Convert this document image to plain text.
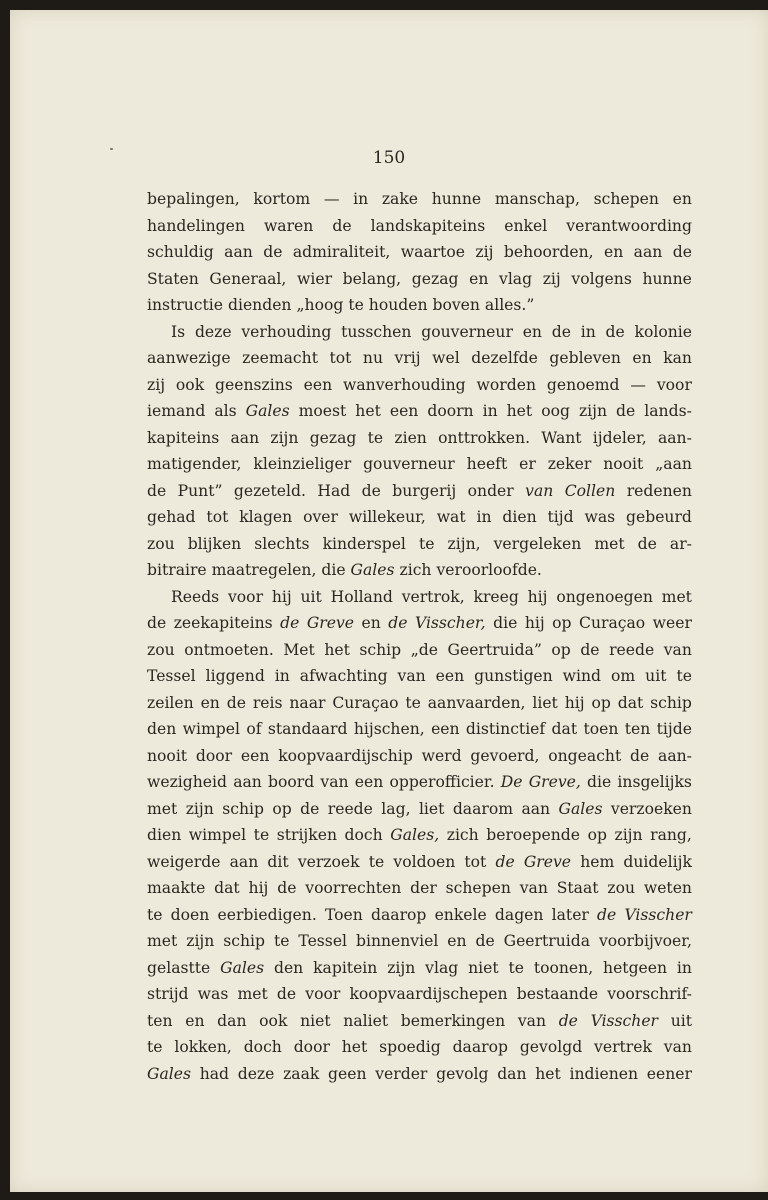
150
bepalingen, kortom — in zake hunne manschap, schepen en
handelingen waren de landskapiteins enkel verantwoording
schuldig aan de admiraliteit, waartoe zij behoorden, en aan de
Staten Generaal, wier belang, gezag en vlag zij volgens hunne
instructie
dienden
„hoog
te
houden
boven
alles.”
Is deze verhouding tusschen gouverneur en de in de kolonie
aanwezige zeemacht tot nu vrij wel dezelfde gebleven en kan
zij ook geenszins een wanverhouding worden genoemd — voor
iemand als Gales moest het een doorn in het oog zijn de lands-
kapiteins aan zijn gezag te zien onttrokken. Want ijdeler, aan-
matigender, kleinzieliger gouverneur heeft er zeker nooit „aan
de Punt” gezeteld. Had de burgerij onder van Collen redenen
gehad tot klagen over willekeur, wat in dien tijd was gebeurd
zou blijken slechts kinderspel te zijn, vergeleken met de ar-
bitraire
maatregelen,
die
Gales
zich
veroorloofde.
Reeds voor hij uit Holland vertrok, kreeg hij ongenoegen met
de zeekapiteins de Greve en de Visscher, die hij op Curaçao weer
zou ontmoeten. Met het schip „de Geertruida” op de reede van
Tessel liggend in afwachting van een gunstigen wind om uit te
zeilen en de reis naar Curaçao te aanvaarden, liet hij op dat schip
den wimpel of standaard hijschen, een distinctief dat toen ten tijde
nooit door een koopvaardijschip werd gevoerd, ongeacht de aan-
wezigheid aan boord van een opperofficier. De Greve, die insgelijks
met zijn schip op de reede lag, liet daarom aan Gales verzoeken
dien wimpel te strijken doch Gales, zich beroepende op zijn rang,
weigerde aan dit verzoek te voldoen tot de Greve hem duidelijk
maakte dat hij de voorrechten der schepen van Staat zou weten
te doen eerbiedigen. Toen daarop enkele dagen later de Visscher
met zijn schip te Tessel binnenviel en de Geertruida voorbijvoer,
gelastte Gales den kapitein zijn vlag niet te toonen, hetgeen in
strijd was met de voor koopvaardijschepen bestaande voorschrif-
ten en dan ook niet naliet bemerkingen van de Visscher uit
te lokken, doch door het spoedig daarop gevolgd vertrek van
Gales had deze zaak geen verder gevolg dan het indienen eener
